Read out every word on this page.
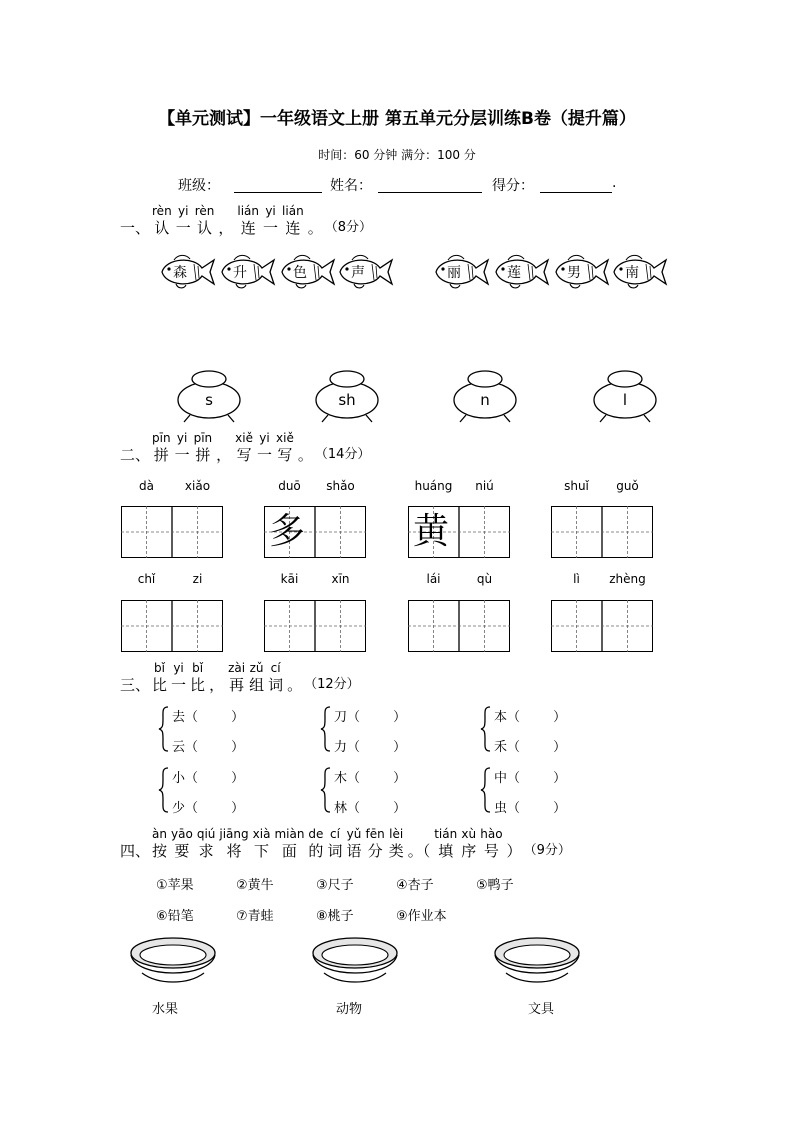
【单元测试】一年级语文上册 第五单元分层训练B卷（提升篇）
时间：60 分钟 满分：100 分
班级：	姓名：	得分：	.
一、
rèn
认
yi
一
rèn
认 ，
lián
连
yi
一
lián
连 。 （8分）
二、
pīn
拼
yi
一
pīn
拼 ，
xiě
写
yi
一
xiě
写 。 （14分）
三、
bǐ
比
yi
一
bǐ
比 ，
zài
再
zǔ
组
cí
词 。 （12分）
四、
àn
按
yāo
要
qiú
求
jiāng
将
xià
下
miàn
面
de
的
cí
词
yǔ
语
fēn
分
lèi
类 。（
tián
填
xù
序
hào
号 ） （9分）
森	升	色	声	丽	莲	男	南
s	sh	n	l
dà	xiǎo	duō	shǎo
多
huáng	niú
黄
shuǐ	guǒ
chǐ	zi	kāi	xīn	lái	qù	lì	zhèng
去（        ）
云（        ）
刀（        ）
力（        ）
本（        ）
禾（        ）
小（        ）
少（        ）
木（        ）
林（        ）
中（        ）
虫（        ）
①苹果	②黄牛	③尺子	④杏子	⑤鸭子
⑥铅笔	⑦青蛙	⑧桃子	⑨作业本
水果	动物	文具
